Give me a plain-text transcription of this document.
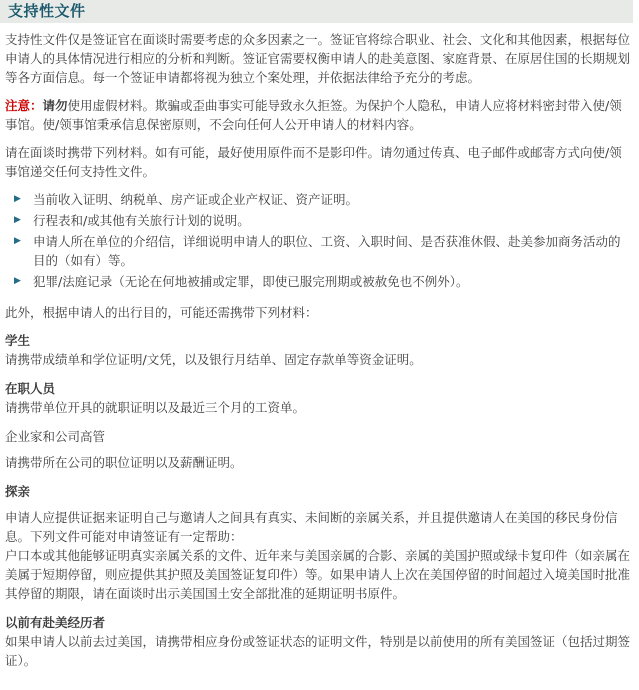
支持性文件

支持性文件仅是签证官在面谈时需要考虑的众多因素之一。签证官将综合职业、社会、文化和其他因素，根据每位申请人的具体情况进行相应的分析和判断。签证官需要权衡申请人的赴美意图、家庭背景、在原居住国的长期规划等各方面信息。每一个签证申请都将视为独立个案处理，并依据法律给予充分的考虑。

注意：请勿使用虚假材料。欺骗或歪曲事实可能导致永久拒签。为保护个人隐私，申请人应将材料密封带入使/领事馆。使/领事馆秉承信息保密原则，不会向任何人公开申请人的材料内容。

请在面谈时携带下列材料。如有可能，最好使用原件而不是影印件。请勿通过传真、电子邮件或邮寄方式向使/领事馆递交任何支持性文件。

▶ 当前收入证明、纳税单、房产证或企业产权证、资产证明。
▶ 行程表和/或其他有关旅行计划的说明。
▶ 申请人所在单位的介绍信，详细说明申请人的职位、工资、入职时间、是否获准休假、赴美参加商务活动的目的（如有）等。
▶ 犯罪/法庭记录（无论在何地被捕或定罪，即使已服完刑期或被赦免也不例外）。

此外，根据申请人的出行目的，可能还需携带下列材料：

学生
请携带成绩单和学位证明/文凭，以及银行月结单、固定存款单等资金证明。
在职人员
请携带单位开具的就职证明以及最近三个月的工资单。
企业家和公司高管
请携带所在公司的职位证明以及薪酬证明。
探亲
申请人应提供证据来证明自己与邀请人之间具有真实、未间断的亲属关系，并且提供邀请人在美国的移民身份信息。下列文件可能对申请签证有一定帮助：
户口本或其他能够证明真实亲属关系的文件、近年来与美国亲属的合影、亲属的美国护照或绿卡复印件（如亲属在美属于短期停留，则应提供其护照及美国签证复印件）等。如果申请人上次在美国停留的时间超过入境美国时批准其停留的期限，请在面谈时出示美国国土安全部批准的延期证明书原件。
以前有赴美经历者
如果申请人以前去过美国，请携带相应身份或签证状态的证明文件，特别是以前使用的所有美国签证（包括过期签证）。
